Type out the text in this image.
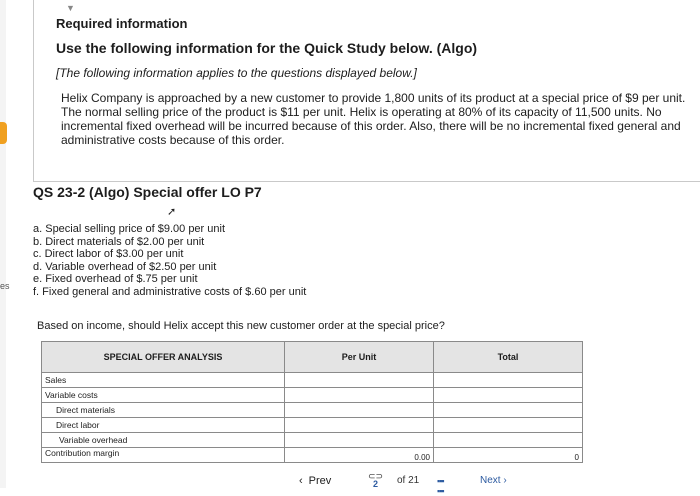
es
▼
Required information
Use the following information for the Quick Study below. (Algo)
[The following information applies to the questions displayed below.]
Helix Company is approached by a new customer to provide 1,800 units of its product at a special price of $9 per unit. The normal selling price of the product is $11 per unit. Helix is operating at 80% of its capacity of 11,500 units. No incremental fixed overhead will be incurred because of this order. Also, there will be no incremental fixed general and administrative costs because of this order.
QS 23-2 (Algo) Special offer LO P7
➚
a. Special selling price of $9.00 per unit
b. Direct materials of $2.00 per unit
c. Direct labor of $3.00 per unit
d. Variable overhead of $2.50 per unit
e. Fixed overhead of $.75 per unit
f. Fixed general and administrative costs of $.60 per unit
Based on income, should Helix accept this new customer order at the special price?
SPECIAL OFFER ANALYSIS	Per Unit	Total
Sales		
Variable costs		
Direct materials		
Direct labor		
Variable overhead		
Contribution margin	0.00	0
‹ Prev	⊂⊃
2	of 21 ▪▪▪
▪▪▪
Next ›
